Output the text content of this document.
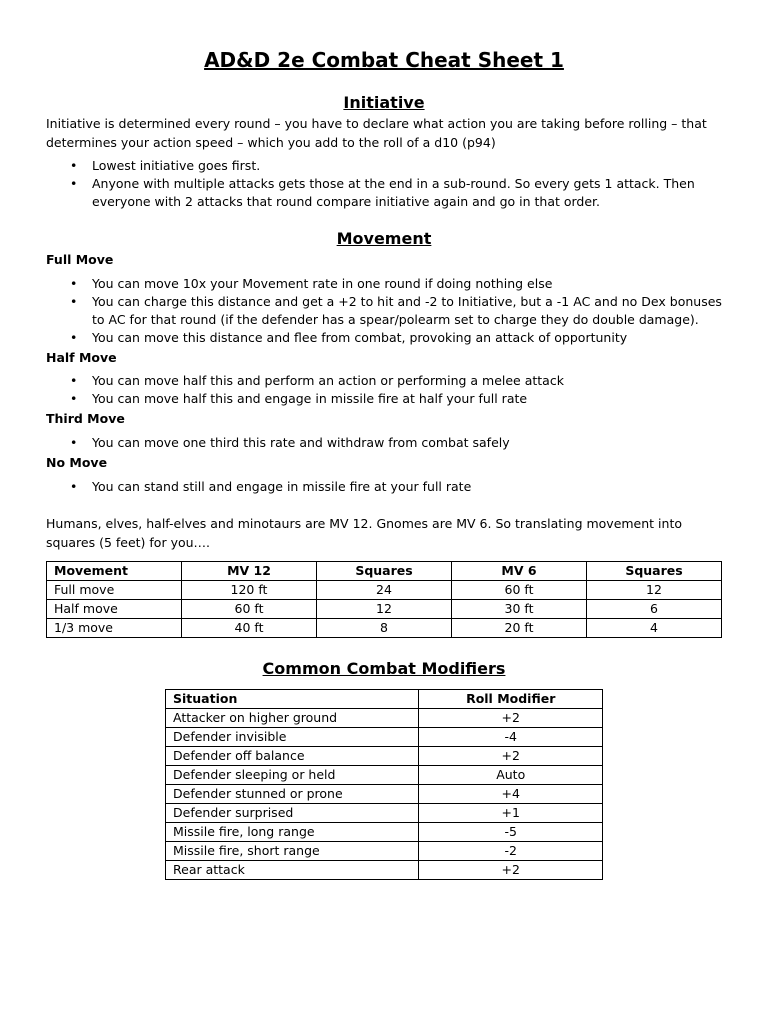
AD&D 2e Combat Cheat Sheet 1
Initiative

Initiative is determined every round – you have to declare what action you are taking before rolling – that determines your action speed – which you add to the roll of a d10 (p94)

• Lowest initiative goes first.
• Anyone with multiple attacks gets those at the end in a sub-round. So every gets 1 attack. Then everyone with 2 attacks that round compare initiative again and go in that order.
Movement
Full Move
• You can move 10x your Movement rate in one round if doing nothing else
• You can charge this distance and get a +2 to hit and -2 to Initiative, but a -1 AC and no Dex bonuses to AC for that round (if the defender has a spear/polearm set to charge they do double damage).
• You can move this distance and flee from combat, provoking an attack of opportunity
Half Move
• You can move half this and perform an action or performing a melee attack
• You can move half this and engage in missile fire at half your full rate
Third Move
• You can move one third this rate and withdraw from combat safely
No Move
• You can stand still and engage in missile fire at your full rate

Humans, elves, half-elves and minotaurs are MV 12. Gnomes are MV 6. So translating movement into squares (5 feet) for you….

Movement	MV 12	Squares	MV 6	Squares
Full move	120 ft	24	60 ft	12
Half move	60 ft	12	30 ft	6
1/3 move	40 ft	8	20 ft	4
Common Combat Modifiers
Situation	Roll Modifier
Attacker on higher ground	+2
Defender invisible	-4
Defender off balance	+2
Defender sleeping or held	Auto
Defender stunned or prone	+4
Defender surprised	+1
Missile fire, long range	-5
Missile fire, short range	-2
Rear attack	+2
